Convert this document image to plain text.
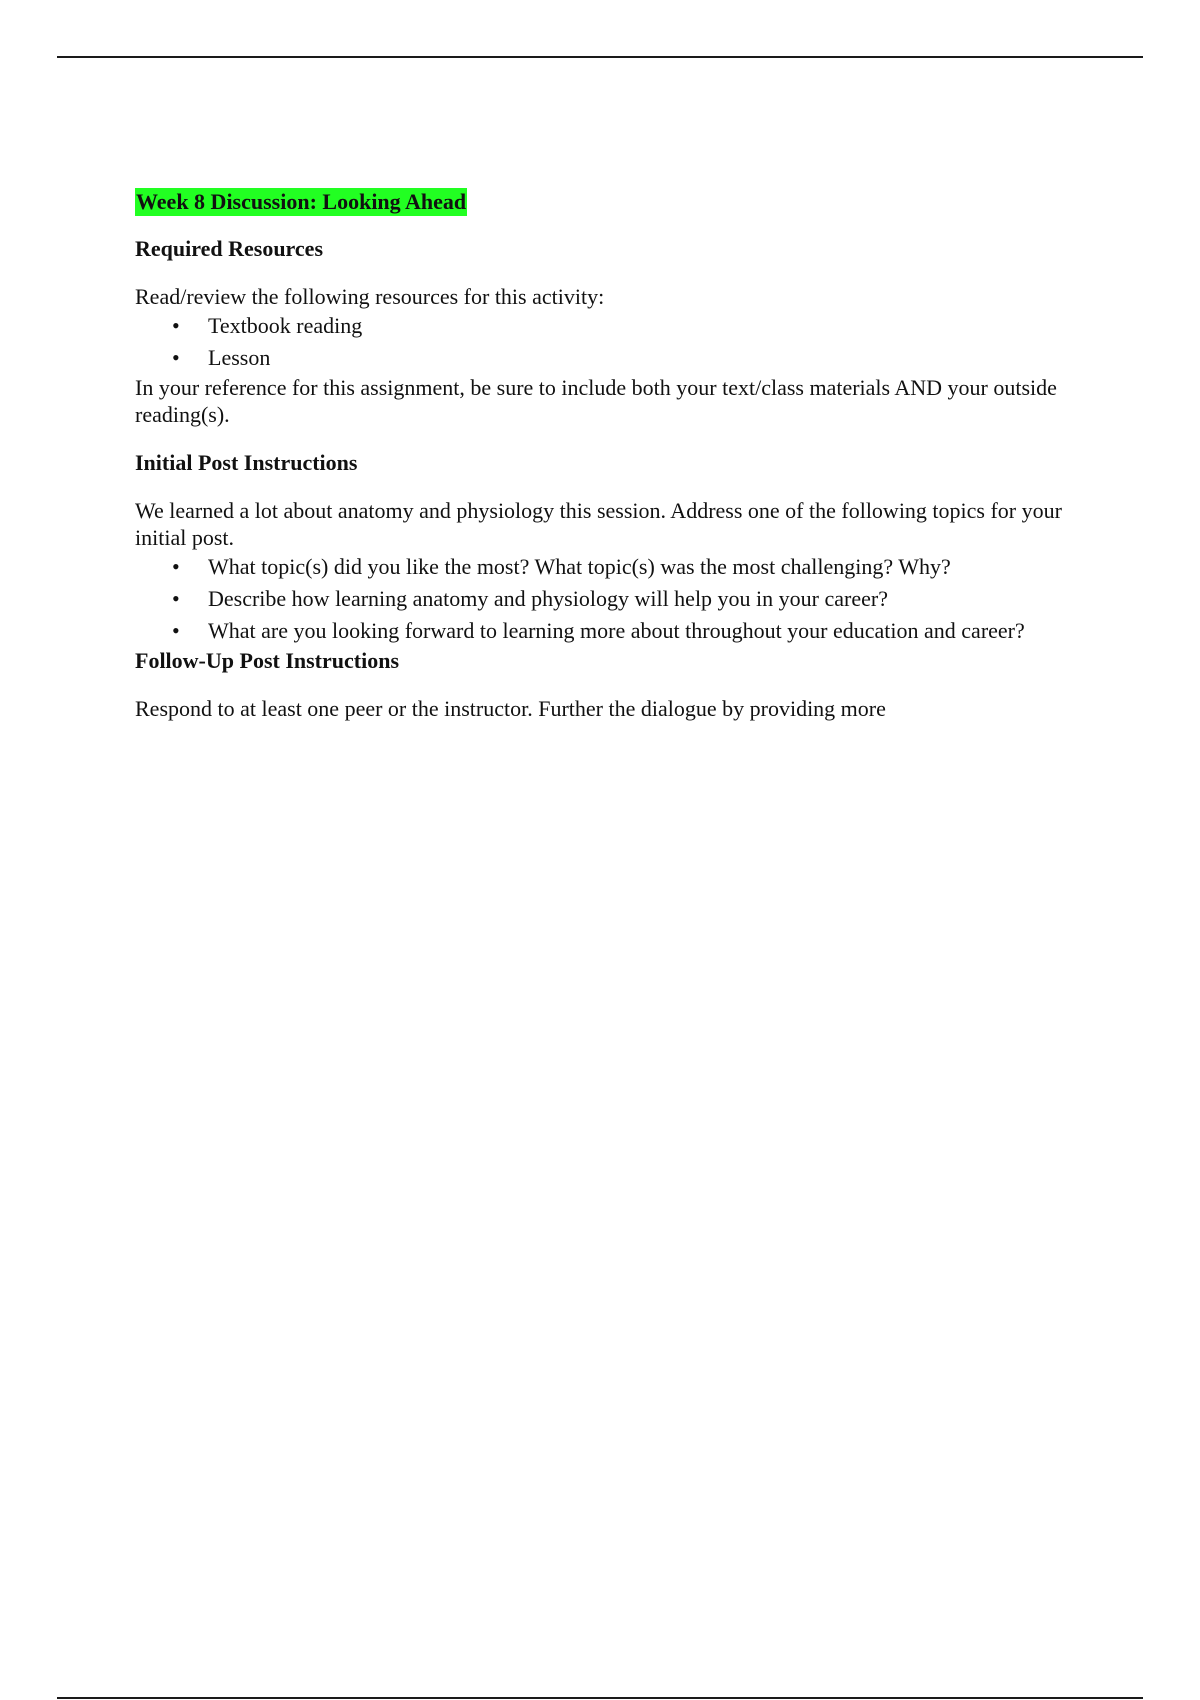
Week 8 Discussion: Looking Ahead
Required Resources

Read/review the following resources for this activity:

• Textbook reading
• Lesson

In your reference for this assignment, be sure to include both your text/class materials AND your outside reading(s).

Initial Post Instructions

We learned a lot about anatomy and physiology this session. Address one of the following topics for your initial post.

• What topic(s) did you like the most? What topic(s) was the most challenging? Why?
• Describe how learning anatomy and physiology will help you in your career?
• What are you looking forward to learning more about throughout your education and career?
Follow-Up Post Instructions

Respond to at least one peer or the instructor. Further the dialogue by providing more
